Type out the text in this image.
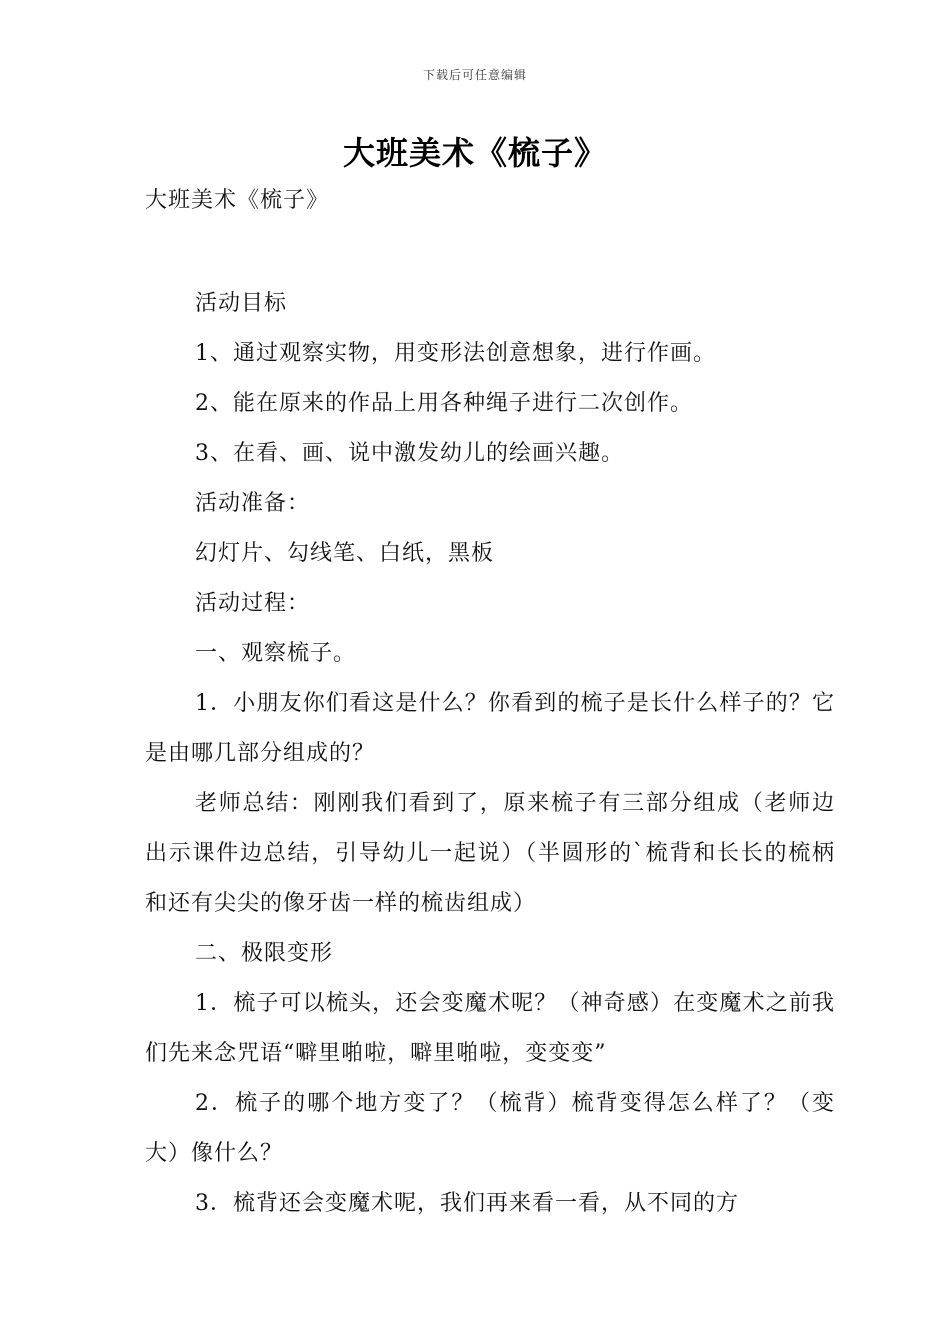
下载后可任意编辑
大班美术《梳子》
大班美术《梳子》

活动目标

1、通过观察实物，用变形法创意想象，进行作画。

2、能在原来的作品上用各种绳子进行二次创作。

3、在看、画、说中激发幼儿的绘画兴趣。

活动准备：

幻灯片、勾线笔、白纸，黑板

活动过程：

一、观察梳子。

1．小朋友你们看这是什么？你看到的梳子是长什么样子的？它是由哪几部分组成的？

老师总结：刚刚我们看到了，原来梳子有三部分组成（老师边出示课件边总结，引导幼儿一起说）（半圆形的`梳背和长长的梳柄和还有尖尖的像牙齿一样的梳齿组成）

二、极限变形

1．梳子可以梳头，还会变魔术呢？（神奇感）在变魔术之前我们先来念咒语“噼里啪啦，噼里啪啦，变变变”

2．梳子的哪个地方变了？（梳背）梳背变得怎么样了？（变大）像什么？

3．梳背还会变魔术呢，我们再来看一看，从不同的方
